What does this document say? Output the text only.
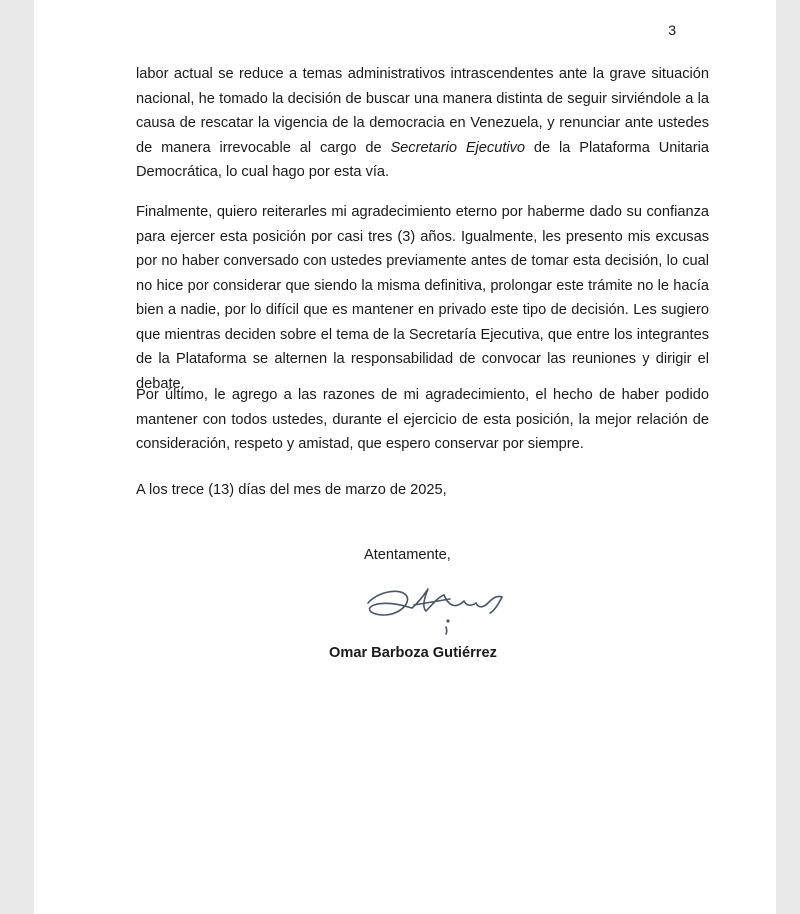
3

labor actual se reduce a temas administrativos intrascendentes ante la grave situación nacional, he tomado la decisión de buscar una manera distinta de seguir sirviéndole a la causa de rescatar la vigencia de la democracia en Venezuela, y renunciar ante ustedes de manera irrevocable al cargo de Secretario Ejecutivo de la Plataforma Unitaria Democrática, lo cual hago por esta vía.

Finalmente, quiero reiterarles mi agradecimiento eterno por haberme dado su confianza para ejercer esta posición por casi tres (3) años. Igualmente, les presento mis excusas por no haber conversado con ustedes previamente antes de tomar esta decisión, lo cual no hice por considerar que siendo la misma definitiva, prolongar este trámite no le hacía bien a nadie, por lo difícil que es mantener en privado este tipo de decisión. Les sugiero que mientras deciden sobre el tema de la Secretaría Ejecutiva, que entre los integrantes de la Plataforma se alternen la responsabilidad de convocar las reuniones y dirigir el debate.

Por último, le agrego a las razones de mi agradecimiento, el hecho de haber podido mantener con todos ustedes, durante el ejercicio de esta posición, la mejor relación de consideración, respeto y amistad, que espero conservar por siempre.

A los trece (13) días del mes de marzo de 2025,

Atentamente,
Omar Barboza Gutiérrez
